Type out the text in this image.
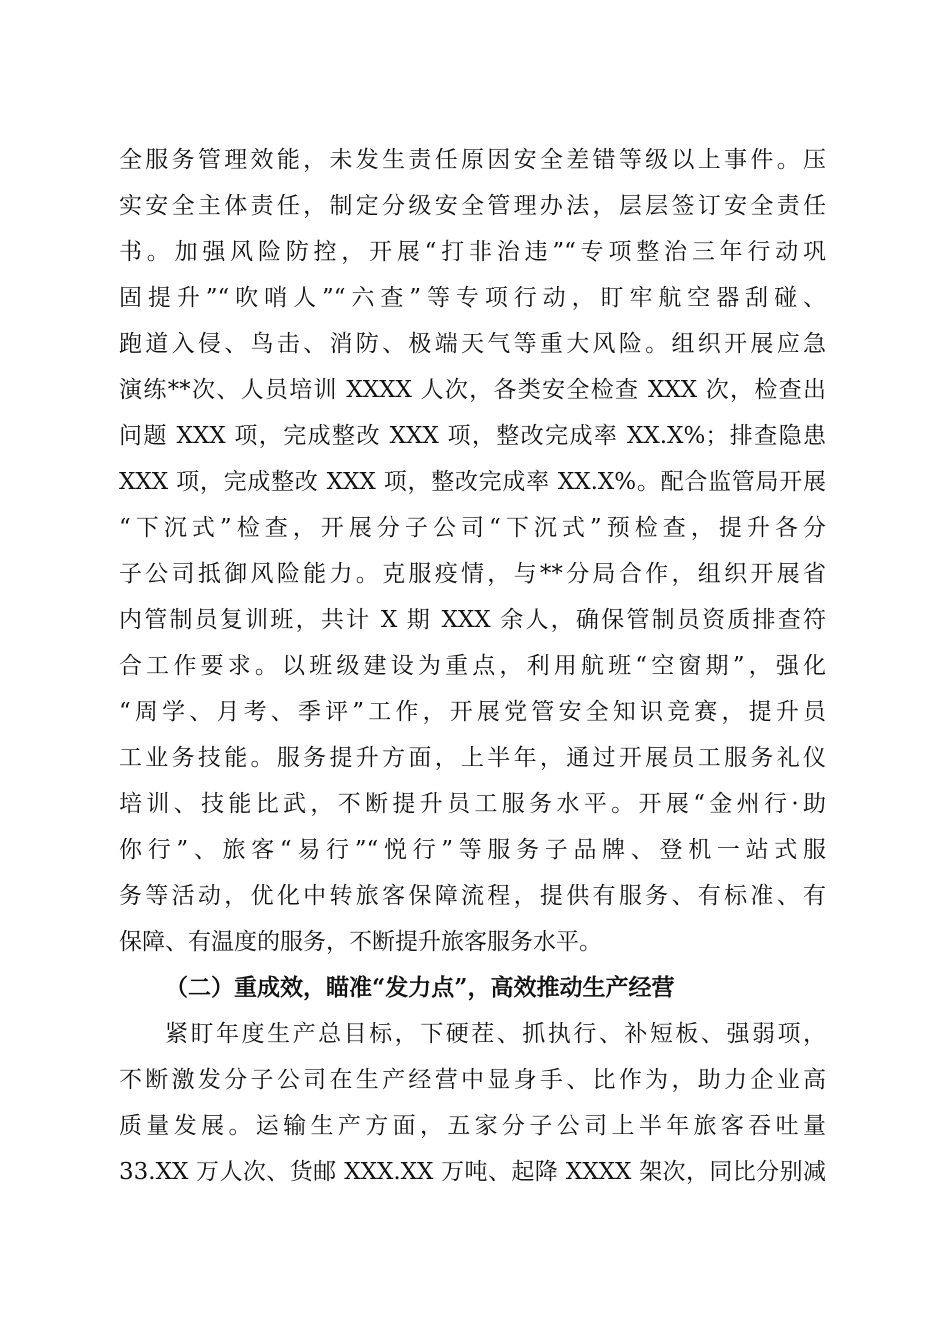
全服务管理效能，未发生责任原因安全差错等级以上事件。压
实安全主体责任，制定分级安全管理办法，层层签订安全责任
书。加强风险防控，开展“打非治违”“专项整治三年行动巩
固提升”“吹哨人”“六查”等专项行动，盯牢航空器刮碰、
跑道入侵、鸟击、消防、极端天气等重大风险。组织开展应急
演练**次、人员培训 XXXX 人次，各类安全检查 XXX 次，检查出
问题 XXX 项，完成整改 XXX 项，整改完成率 XX.X%；排查隐患
XXX 项，完成整改 XXX 项，整改完成率 XX.X%。配合监管局开展
“下沉式”检查，开展分子公司“下沉式”预检查，提升各分
子公司抵御风险能力。克服疫情，与**分局合作，组织开展省
内管制员复训班，共计 X 期 XXX 余人，确保管制员资质排查符
合工作要求。以班级建设为重点，利用航班“空窗期”，强化
“周学、月考、季评”工作，开展党管安全知识竞赛，提升员
工业务技能。服务提升方面，上半年，通过开展员工服务礼仪
培训、技能比武，不断提升员工服务水平。开展“金州行·助
你行”、旅客“易行”“悦行”等服务子品牌、登机一站式服
务等活动，优化中转旅客保障流程，提供有服务、有标准、有
保障、有温度的服务，不断提升旅客服务水平。
（二）重成效，瞄准“发力点”，高效推动生产经营
紧盯年度生产总目标，下硬茬、抓执行、补短板、强弱项，
不断激发分子公司在生产经营中显身手、比作为，助力企业高
质量发展。运输生产方面，五家分子公司上半年旅客吞吐量
33.XX 万人次、货邮 XXX.XX 万吨、起降 XXXX 架次，同比分别减
